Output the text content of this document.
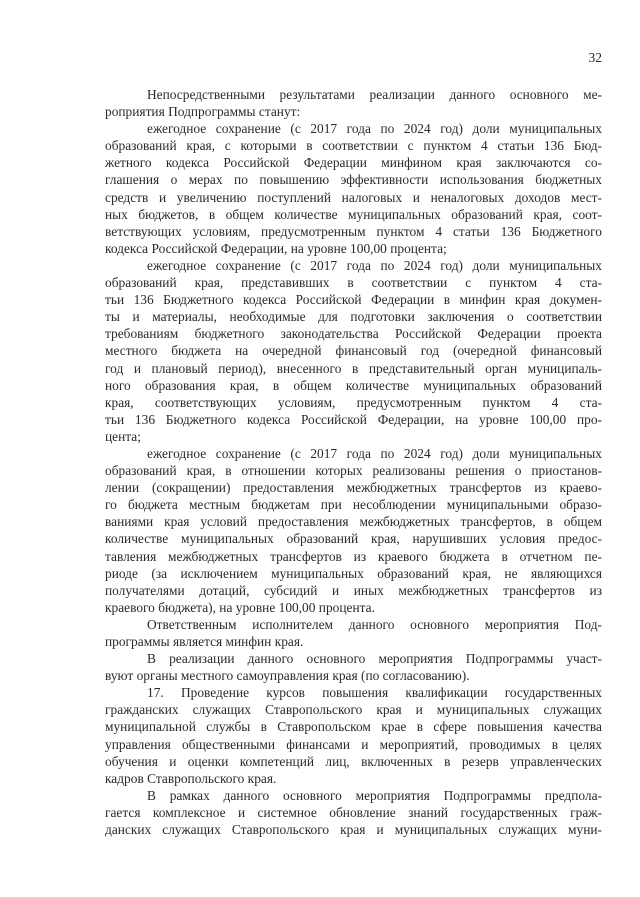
32
Непосредственными результатами реализации данного основного ме-
роприятия Подпрограммы станут:
ежегодное сохранение (с 2017 года по 2024 год) доли муниципальных
образований края, с которыми в соответствии с пунктом 4 статьи 136 Бюд-
жетного кодекса Российской Федерации минфином края заключаются со-
глашения о мерах по повышению эффективности использования бюджетных
средств и увеличению поступлений налоговых и неналоговых доходов мест-
ных бюджетов, в общем количестве муниципальных образований края, соот-
ветствующих условиям, предусмотренным пунктом 4 статьи 136 Бюджетного
кодекса Российской Федерации, на уровне 100,00 процента;
ежегодное сохранение (с 2017 года по 2024 год) доли муниципальных
образований края, представивших в соответствии с пунктом 4 ста-
тьи 136 Бюджетного кодекса Российской Федерации в минфин края докумен-
ты и материалы, необходимые для подготовки заключения о соответствии
требованиям бюджетного законодательства Российской Федерации проекта
местного бюджета на очередной финансовый год (очередной финансовый
год и плановый период), внесенного в представительный орган муниципаль-
ного образования края, в общем количестве муниципальных образований
края, соответствующих условиям, предусмотренным пунктом 4 ста-
тьи 136 Бюджетного кодекса Российской Федерации, на уровне 100,00 про-
цента;
ежегодное сохранение (с 2017 года по 2024 год) доли муниципальных
образований края, в отношении которых реализованы решения о приостанов-
лении (сокращении) предоставления межбюджетных трансфертов из краево-
го бюджета местным бюджетам при несоблюдении муниципальными образо-
ваниями края условий предоставления межбюджетных трансфертов, в общем
количестве муниципальных образований края, нарушивших условия предос-
тавления межбюджетных трансфертов из краевого бюджета в отчетном пе-
риоде (за исключением муниципальных образований края, не являющихся
получателями дотаций, субсидий и иных межбюджетных трансфертов из
краевого бюджета), на уровне 100,00 процента.
Ответственным исполнителем данного основного мероприятия Под-
программы является минфин края.
В реализации данного основного мероприятия Подпрограммы участ-
вуют органы местного самоуправления края (по согласованию).
17. Проведение курсов повышения квалификации государственных
гражданских служащих Ставропольского края и муниципальных служащих
муниципальной службы в Ставропольском крае в сфере повышения качества
управления общественными финансами и мероприятий, проводимых в целях
обучения и оценки компетенций лиц, включенных в резерв управленческих
кадров Ставропольского края.
В рамках данного основного мероприятия Подпрограммы предпола-
гается комплексное и системное обновление знаний государственных граж-
данских служащих Ставропольского края и муниципальных служащих муни-
